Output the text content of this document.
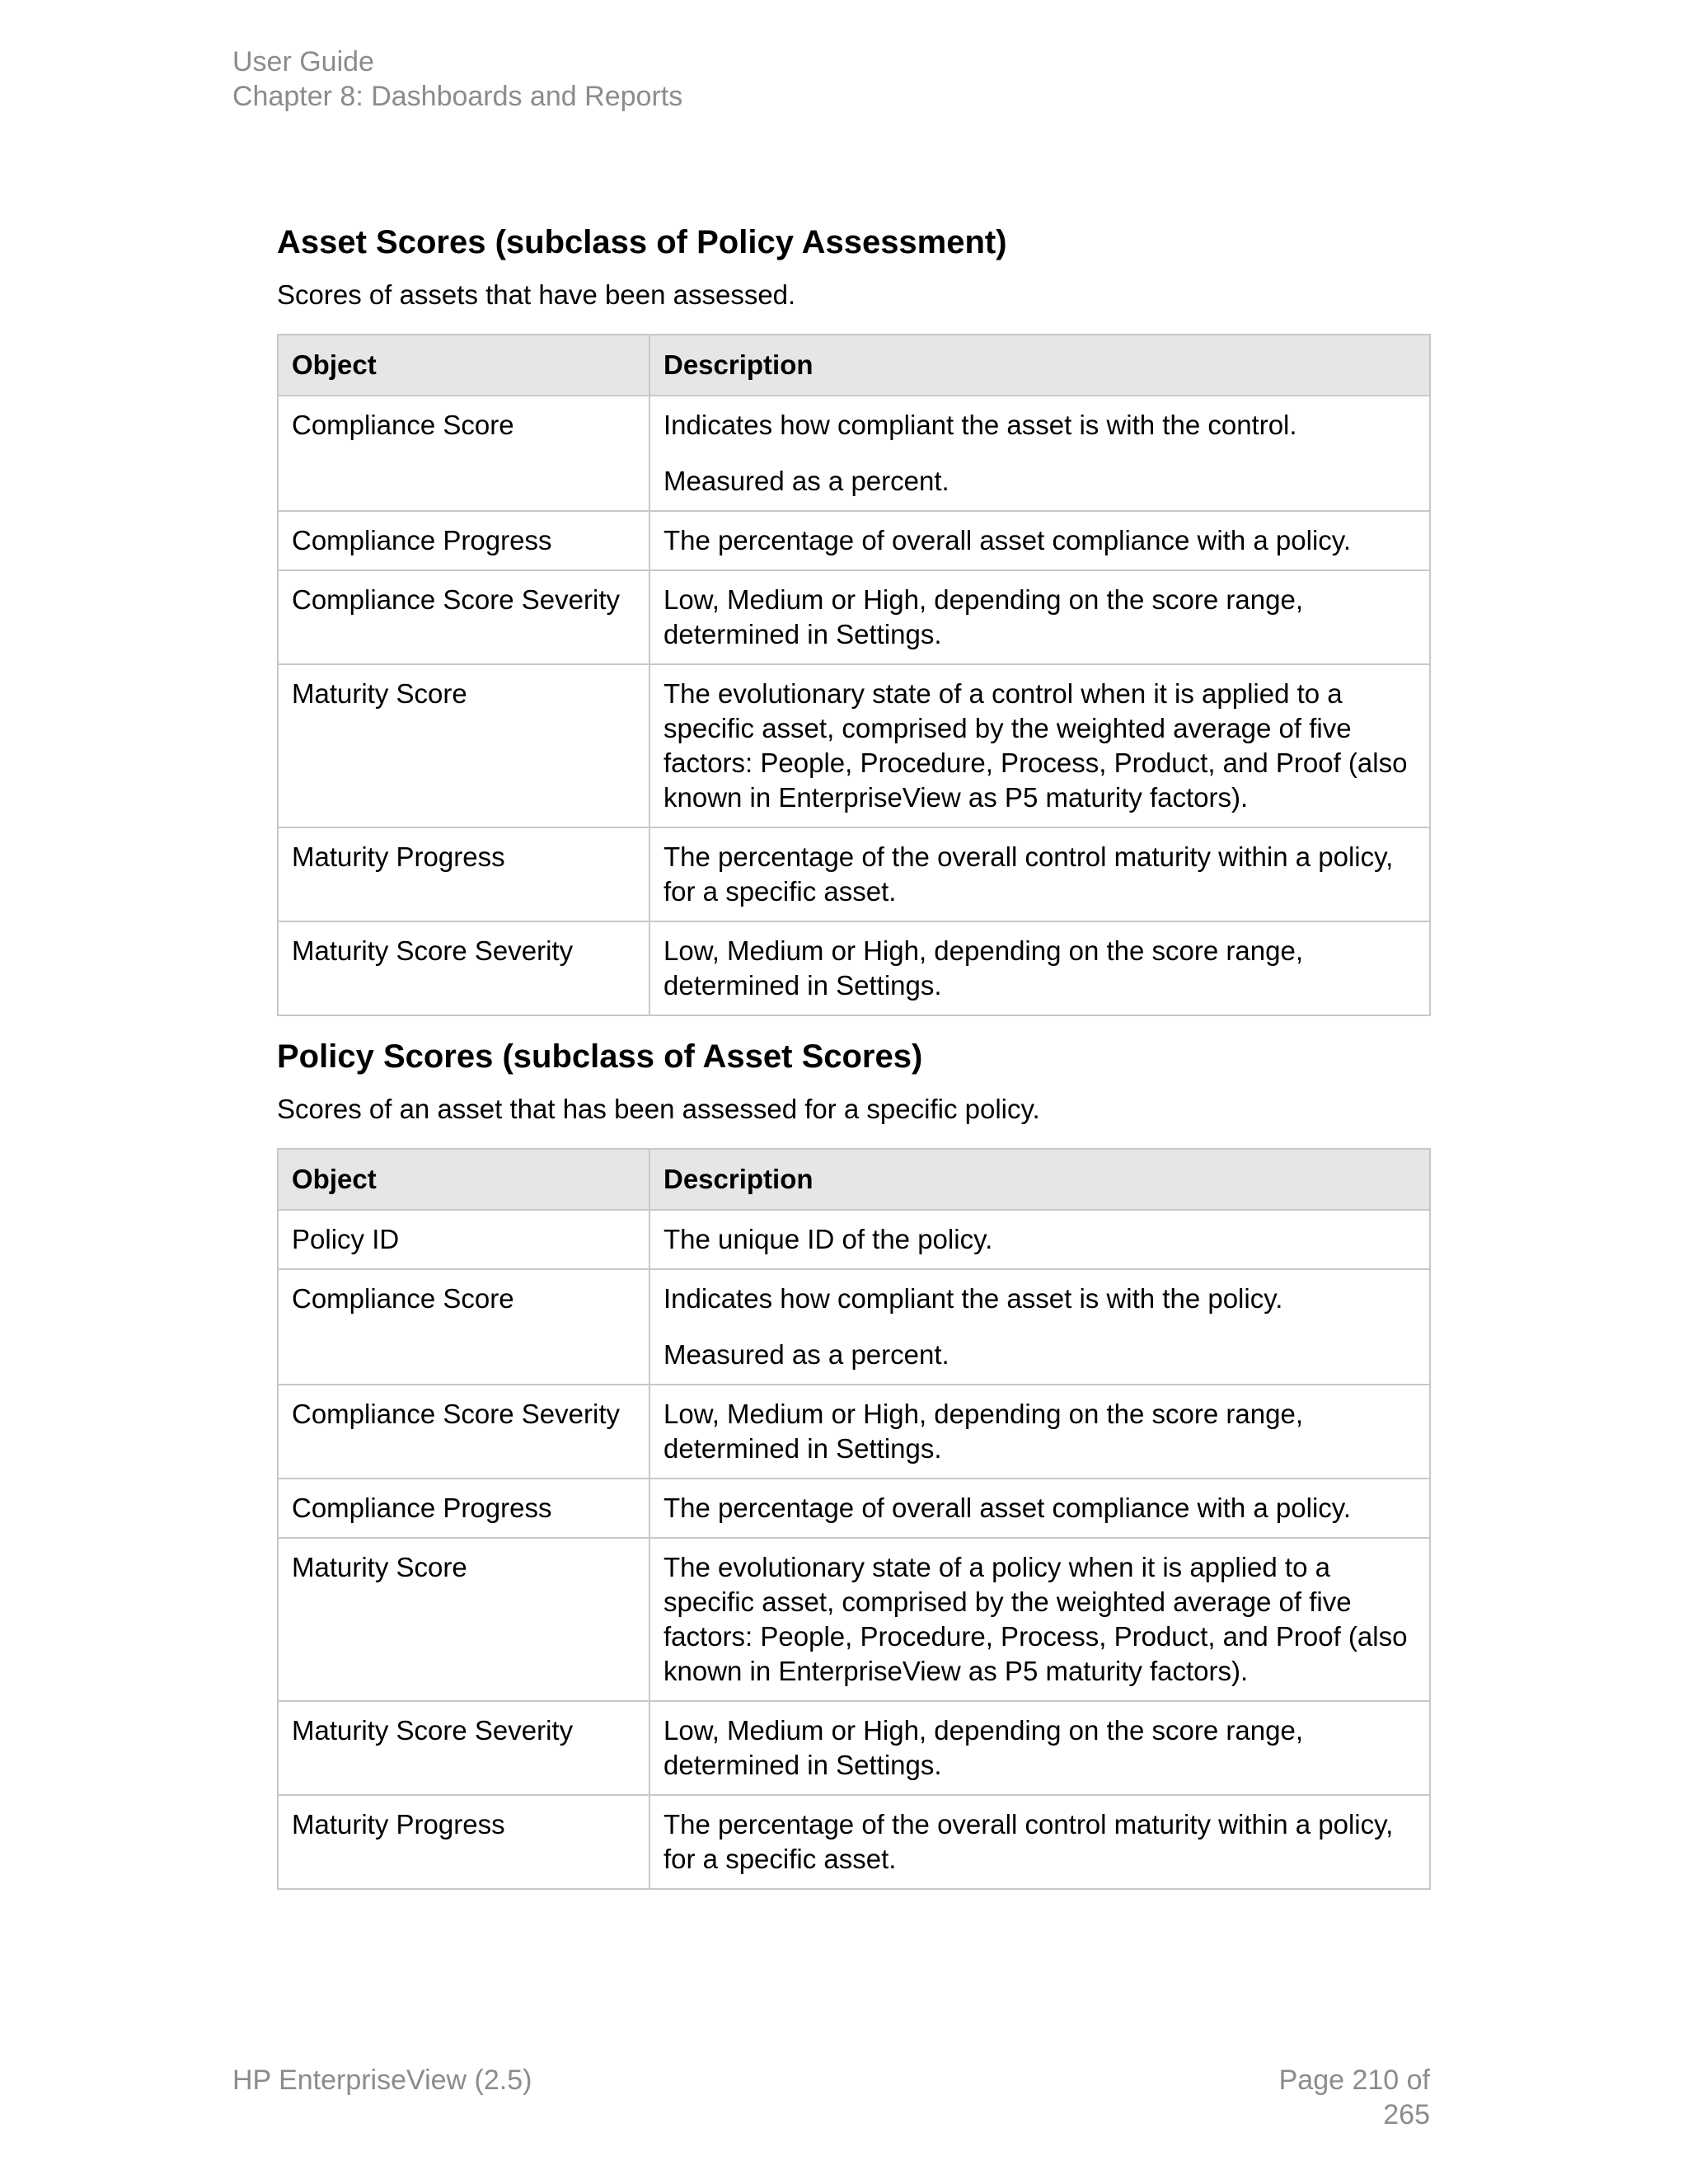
User Guide
Chapter 8: Dashboards and Reports
Asset Scores (subclass of Policy Assessment)

Scores of assets that have been assessed.

Object	Description
Compliance Score	Indicates how compliant the asset is with the control.

Measured as a percent.

Compliance Progress	The percentage of overall asset compliance with a policy.

Compliance Score Severity	Low, Medium or High, depending on the score range, determined in Settings.

Maturity Score	The evolutionary state of a control when it is applied to a specific asset, comprised by the weighted average of five factors: People, Procedure, Process, Product, and Proof (also known in EnterpriseView as P5 maturity factors).

Maturity Progress	The percentage of the overall control maturity within a policy, for a specific asset.

Maturity Score Severity	Low, Medium or High, depending on the score range, determined in Settings.

Policy Scores (subclass of Asset Scores)

Scores of an asset that has been assessed for a specific policy.

Object	Description
Policy ID	The unique ID of the policy.

Compliance Score	Indicates how compliant the asset is with the policy.

Measured as a percent.

Compliance Score Severity	Low, Medium or High, depending on the score range, determined in Settings.

Compliance Progress	The percentage of overall asset compliance with a policy.

Maturity Score	The evolutionary state of a policy when it is applied to a specific asset, comprised by the weighted average of five factors: People, Procedure, Process, Product, and Proof (also known in EnterpriseView as P5 maturity factors).

Maturity Score Severity	Low, Medium or High, depending on the score range, determined in Settings.

Maturity Progress	The percentage of the overall control maturity within a policy, for a specific asset.

HP EnterpriseView (2.5)	Page 210 of 265
